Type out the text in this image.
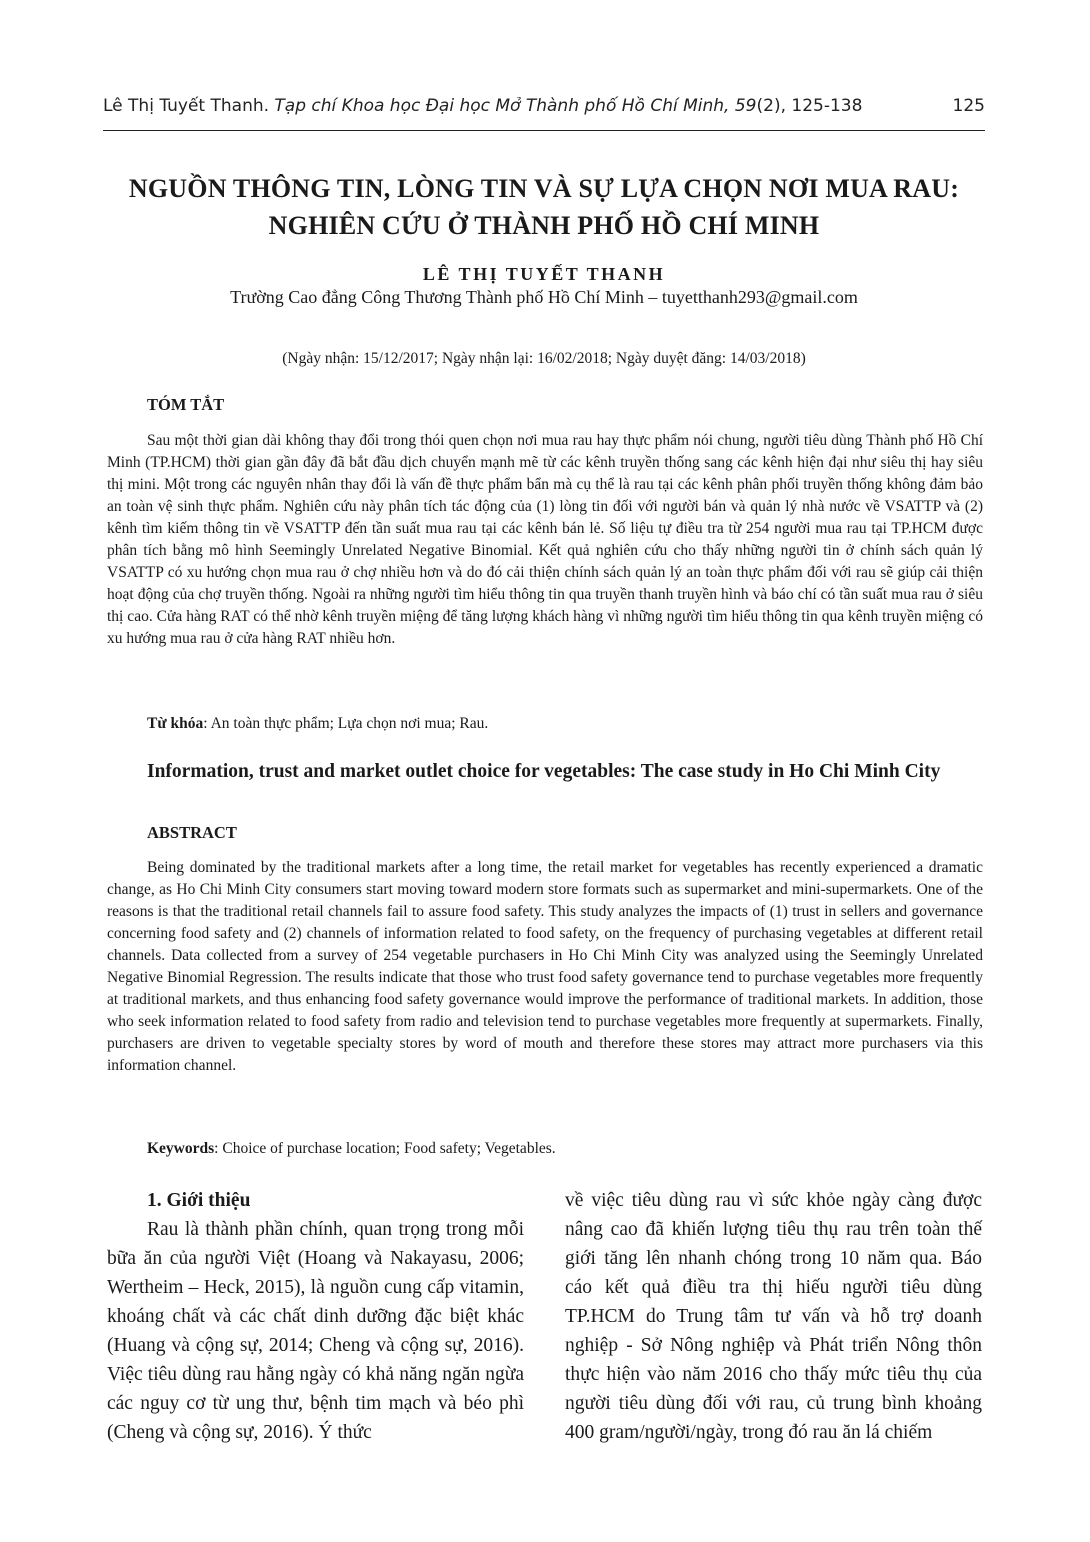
Lê Thị Tuyết Thanh. Tạp chí Khoa học Đại học Mở Thành phố Hồ Chí Minh, 59(2), 125-138	125
NGUỒN THÔNG TIN, LÒNG TIN VÀ SỰ LỰA CHỌN NƠI MUA RAU:
NGHIÊN CỨU Ở THÀNH PHỐ HỒ CHÍ MINH
LÊ THỊ TUYẾT THANH
Trường Cao đẳng Công Thương Thành phố Hồ Chí Minh – tuyetthanh293@gmail.com
(Ngày nhận: 15/12/2017; Ngày nhận lại: 16/02/2018; Ngày duyệt đăng: 14/03/2018)
TÓM TẮT

Sau một thời gian dài không thay đổi trong thói quen chọn nơi mua rau hay thực phẩm nói chung, người tiêu dùng Thành phố Hồ Chí Minh (TP.HCM) thời gian gần đây đã bắt đầu dịch chuyển mạnh mẽ từ các kênh truyền thống sang các kênh hiện đại như siêu thị hay siêu thị mini. Một trong các nguyên nhân thay đổi là vấn đề thực phẩm bẩn mà cụ thể là rau tại các kênh phân phối truyền thống không đảm bảo an toàn vệ sinh thực phẩm. Nghiên cứu này phân tích tác động của (1) lòng tin đối với người bán và quản lý nhà nước về VSATTP và (2) kênh tìm kiếm thông tin về VSATTP đến tần suất mua rau tại các kênh bán lẻ. Số liệu tự điều tra từ 254 người mua rau tại TP.HCM được phân tích bằng mô hình Seemingly Unrelated Negative Binomial. Kết quả nghiên cứu cho thấy những người tin ở chính sách quản lý VSATTP có xu hướng chọn mua rau ở chợ nhiều hơn và do đó cải thiện chính sách quản lý an toàn thực phẩm đối với rau sẽ giúp cải thiện hoạt động của chợ truyền thống. Ngoài ra những người tìm hiểu thông tin qua truyền thanh truyền hình và báo chí có tần suất mua rau ở siêu thị cao. Cửa hàng RAT có thể nhờ kênh truyền miệng để tăng lượng khách hàng vì những người tìm hiểu thông tin qua kênh truyền miệng có xu hướng mua rau ở cửa hàng RAT nhiều hơn.

Từ khóa: An toàn thực phẩm; Lựa chọn nơi mua; Rau.
Information, trust and market outlet choice for vegetables: The case study in Ho Chi Minh City
ABSTRACT

Being dominated by the traditional markets after a long time, the retail market for vegetables has recently experienced a dramatic change, as Ho Chi Minh City consumers start moving toward modern store formats such as supermarket and mini-supermarkets. One of the reasons is that the traditional retail channels fail to assure food safety. This study analyzes the impacts of (1) trust in sellers and governance concerning food safety and (2) channels of information related to food safety, on the frequency of purchasing vegetables at different retail channels. Data collected from a survey of 254 vegetable purchasers in Ho Chi Minh City was analyzed using the Seemingly Unrelated Negative Binomial Regression. The results indicate that those who trust food safety governance tend to purchase vegetables more frequently at traditional markets, and thus enhancing food safety governance would improve the performance of traditional markets. In addition, those who seek information related to food safety from radio and television tend to purchase vegetables more frequently at supermarkets. Finally, purchasers are driven to vegetable specialty stores by word of mouth and therefore these stores may attract more purchasers via this information channel.

Keywords: Choice of purchase location; Food safety; Vegetables.
1. Giới thiệu

Rau là thành phần chính, quan trọng trong mỗi bữa ăn của người Việt (Hoang và Nakayasu, 2006; Wertheim – Heck, 2015), là nguồn cung cấp vitamin, khoáng chất và các chất dinh dưỡng đặc biệt khác (Huang và cộng sự, 2014; Cheng và cộng sự, 2016). Việc tiêu dùng rau hằng ngày có khả năng ngăn ngừa các nguy cơ từ ung thư, bệnh tim mạch và béo phì (Cheng và cộng sự, 2016). Ý thức

về việc tiêu dùng rau vì sức khỏe ngày càng được nâng cao đã khiến lượng tiêu thụ rau trên toàn thế giới tăng lên nhanh chóng trong 10 năm qua. Báo cáo kết quả điều tra thị hiếu người tiêu dùng TP.HCM do Trung tâm tư vấn và hỗ trợ doanh nghiệp - Sở Nông nghiệp và Phát triển Nông thôn thực hiện vào năm 2016 cho thấy mức tiêu thụ của người tiêu dùng đối với rau, củ trung bình khoảng 400 gram/người/ngày, trong đó rau ăn lá chiếm
